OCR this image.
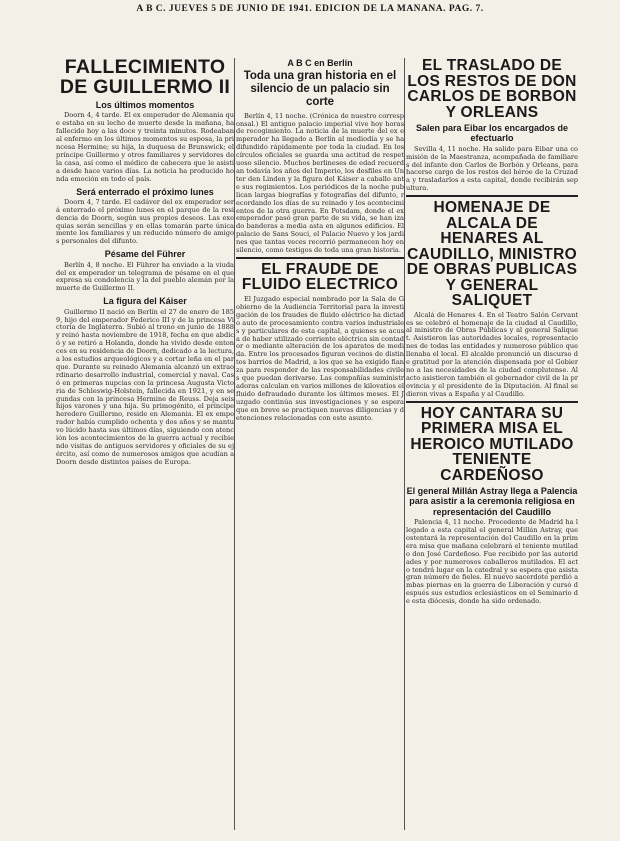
A B C. JUEVES 5 DE JUNIO DE 1941. EDICION DE LA MAÑANA. PAG. 7.
FALLECIMIENTO DE GUILLERMO II
Los últimos momentos

Doorn 4, 4 tarde. El ex emperador de Alemania que estaba en su lecho de muerte desde la mañana, ha fallecido hoy a las doce y treinta minutos. Rodeaban al enfermo en los últimos momentos su esposa, la princesa Hermine; su hija, la duquesa de Brunswick; el príncipe Guillermo y otros familiares y servidores de la casa, así como el médico de cabecera que le asistía desde hace varios días. La noticia ha producido honda emoción en todo el país.

Será enterrado el próximo lunes

Doorn 4, 7 tarde. El cadáver del ex emperador será enterrado el próximo lunes en el parque de la residencia de Doorn, según sus propios deseos. Las exequias serán sencillas y en ellas tomarán parte únicamente los familiares y un reducido número de amigos personales del difunto.

Pésame del Führer

Berlín 4, 8 noche. El Führer ha enviado a la viuda del ex emperador un telegrama de pésame en el que expresa su condolencia y la del pueblo alemán por la muerte de Guillermo II.

La figura del Káiser

Guillermo II nació en Berlín el 27 de enero de 1859, hijo del emperador Federico III y de la princesa Victoria de Inglaterra. Subió al trono en junio de 1888 y reinó hasta noviembre de 1918, fecha en que abdicó y se retiró a Holanda, donde ha vivido desde entonces en su residencia de Doorn, dedicado a la lectura, a los estudios arqueológicos y a cortar leña en el parque. Durante su reinado Alemania alcanzó un extraordinario desarrollo industrial, comercial y naval. Casó en primeras nupcias con la princesa Augusta Victoria de Schleswig-Holstein, fallecida en 1921, y en segundas con la princesa Hermine de Reuss. Deja seis hijos varones y una hija. Su primogénito, el príncipe heredero Guillermo, reside en Alemania. El ex emperador había cumplido ochenta y dos años y se mantuvo lúcido hasta sus últimos días, siguiendo con atención los acontecimientos de la guerra actual y recibiendo visitas de antiguos servidores y oficiales de su ejército, así como de numerosos amigos que acudían a Doorn desde distintos países de Europa.

A B C en Berlín
Toda una gran historia en el silencio de un palacio sin corte

Berlín 4, 11 noche. (Crónica de nuestro corresponsal.) El antiguo palacio imperial vive hoy horas de recogimiento. La noticia de la muerte del ex emperador ha llegado a Berlín al mediodía y se ha difundido rápidamente por toda la ciudad. En los círculos oficiales se guarda una actitud de respetuoso silencio. Muchos berlineses de edad recuerdan todavía los años del Imperio, los desfiles en Unter den Linden y la figura del Káiser a caballo ante sus regimientos. Los periódicos de la noche publican largas biografías y fotografías del difunto, recordando los días de su reinado y los acontecimientos de la otra guerra. En Potsdam, donde el ex emperador pasó gran parte de su vida, se han izado banderas a media asta en algunos edificios. El palacio de Sans Souci, el Palacio Nuevo y los jardines que tantas veces recorrió permanecen hoy en silencio, como testigos de toda una gran historia.

EL FRAUDE DE FLUIDO ELECTRICO

El Juzgado especial nombrado por la Sala de Gobierno de la Audiencia Territorial para la investigación de los fraudes de fluido eléctrico ha dictado auto de procesamiento contra varios industriales y particulares de esta capital, a quienes se acusa de haber utilizado corriente eléctrica sin contador o mediante alteración de los aparatos de medida. Entre los procesados figuran vecinos de distintos barrios de Madrid, a los que se ha exigido fianza para responder de las responsabilidades civiles que puedan derivarse. Las compañías suministradoras calculan en varios millones de kilovatios el fluido defraudado durante los últimos meses. El Juzgado continúa sus investigaciones y se espera que en breve se practiquen nuevas diligencias y detenciones relacionadas con este asunto.

EL TRASLADO DE LOS RESTOS DE DON CARLOS DE BORBON Y ORLEANS
Salen para Eibar los encargados de efectuarlo

Sevilla 4, 11 noche. Ha salido para Eibar una comisión de la Maestranza, acompañada de familiares del infante don Carlos de Borbón y Orleans, para hacerse cargo de los restos del héroe de la Cruzada y trasladarlos a esta capital, donde recibirán sepultura.

HOMENAJE DE ALCALA DE HENARES AL CAUDILLO, MINISTRO DE OBRAS PUBLICAS Y GENERAL SALIQUET

Alcalá de Henares 4. En el Teatro Salón Cervantes se celebró el homenaje de la ciudad al Caudillo, al ministro de Obras Públicas y al general Saliquet. Asistieron las autoridades locales, representaciones de todas las entidades y numeroso público que llenaba el local. El alcalde pronunció un discurso de gratitud por la atención dispensada por el Gobierno a las necesidades de la ciudad complutense. Al acto asistieron también el gobernador civil de la provincia y el presidente de la Diputación. Al final se dieron vivas a España y al Caudillo.

HOY CANTARA SU PRIMERA MISA EL HEROICO MUTILADO TENIENTE CARDEÑOSO
El general Millán Astray llega a Palencia para asistir a la ceremonia religiosa en representación del Caudillo

Palencia 4, 11 noche. Procedente de Madrid ha llegado a esta capital el general Millán Astray, que ostentará la representación del Caudillo en la primera misa que mañana celebrará el teniente mutilado don José Cardeñoso. Fue recibido por las autoridades y por numerosos caballeros mutilados. El acto tendrá lugar en la catedral y se espera que asista gran número de fieles. El nuevo sacerdote perdió ambas piernas en la guerra de Liberación y cursó después sus estudios eclesiásticos en el Seminario de esta diócesis, donde ha sido ordenado.
